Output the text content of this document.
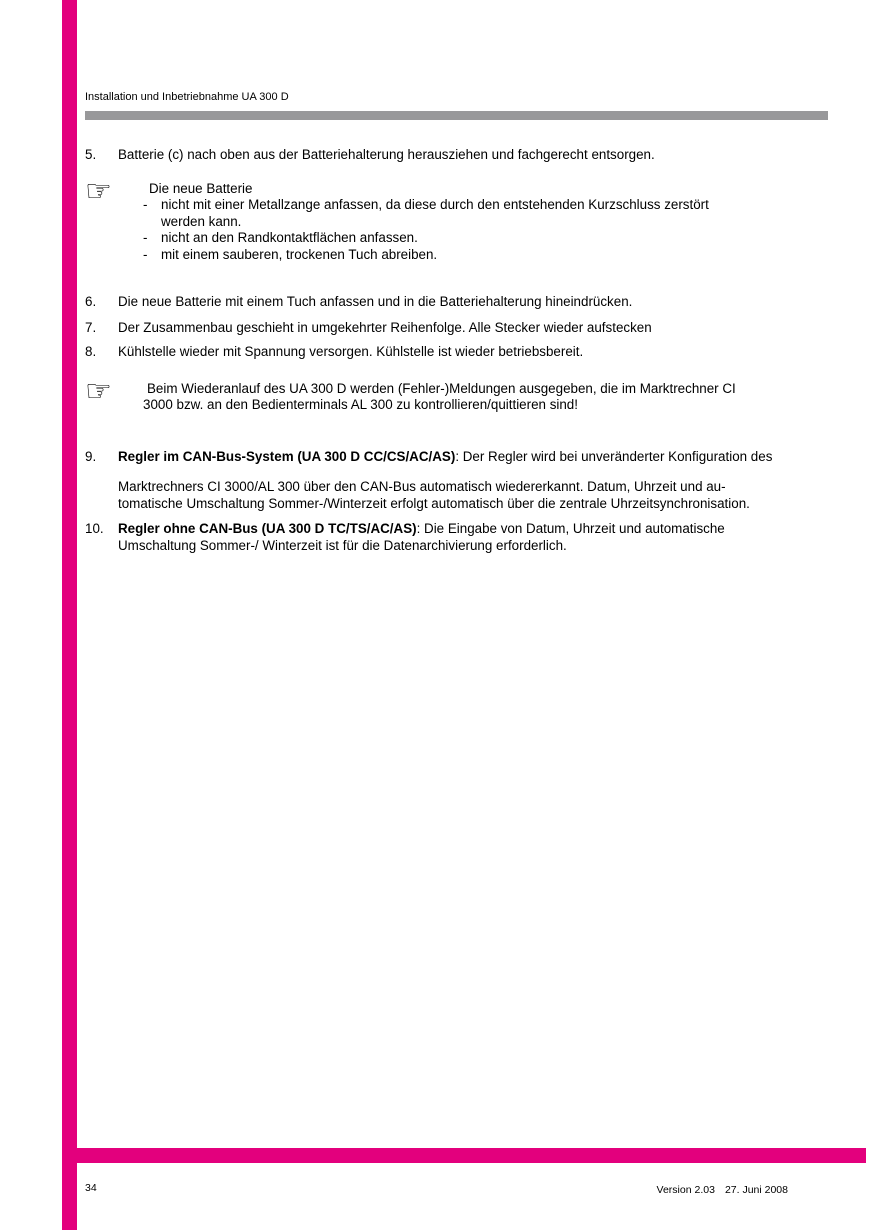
Installation und Inbetriebnahme UA 300 D
5.	Batterie (c) nach oben aus der Batteriehalterung herausziehen und fachgerecht entsorgen.
☞	Die neue Batterie
-	nicht mit einer Metallzange anfassen, da diese durch den entstehenden Kurzschluss zerstört
werden kann.
-	nicht an den Randkontaktflächen anfassen.
-	mit einem sauberen, trockenen Tuch abreiben.
6.	Die neue Batterie mit einem Tuch anfassen und in die Batteriehalterung hineindrücken.
7.	Der Zusammenbau geschieht in umgekehrter Reihenfolge. Alle Stecker wieder aufstecken
8.	Kühlstelle wieder mit Spannung versorgen. Kühlstelle ist wieder betriebsbereit.
☞	Beim Wiederanlauf des UA 300 D werden (Fehler-)Meldungen ausgegeben, die im Marktrechner CI
3000 bzw. an den Bedienterminals AL 300 zu kontrollieren/quittieren sind!
9.	Regler im CAN-Bus-System (UA 300 D CC/CS/AC/AS): Der Regler wird bei unveränderter Konfiguration des
Marktrechners CI 3000/AL 300 über den CAN-Bus automatisch wiedererkannt. Datum, Uhrzeit und au-
tomatische Umschaltung Sommer-/Winterzeit erfolgt automatisch über die zentrale Uhrzeitsynchronisation.
10.	Regler ohne CAN-Bus (UA 300 D TC/TS/AC/AS): Die Eingabe von Datum, Uhrzeit und automatische
Umschaltung Sommer-/ Winterzeit ist für die Datenarchivierung erforderlich.
34	Version 2.03 27. Juni 2008
